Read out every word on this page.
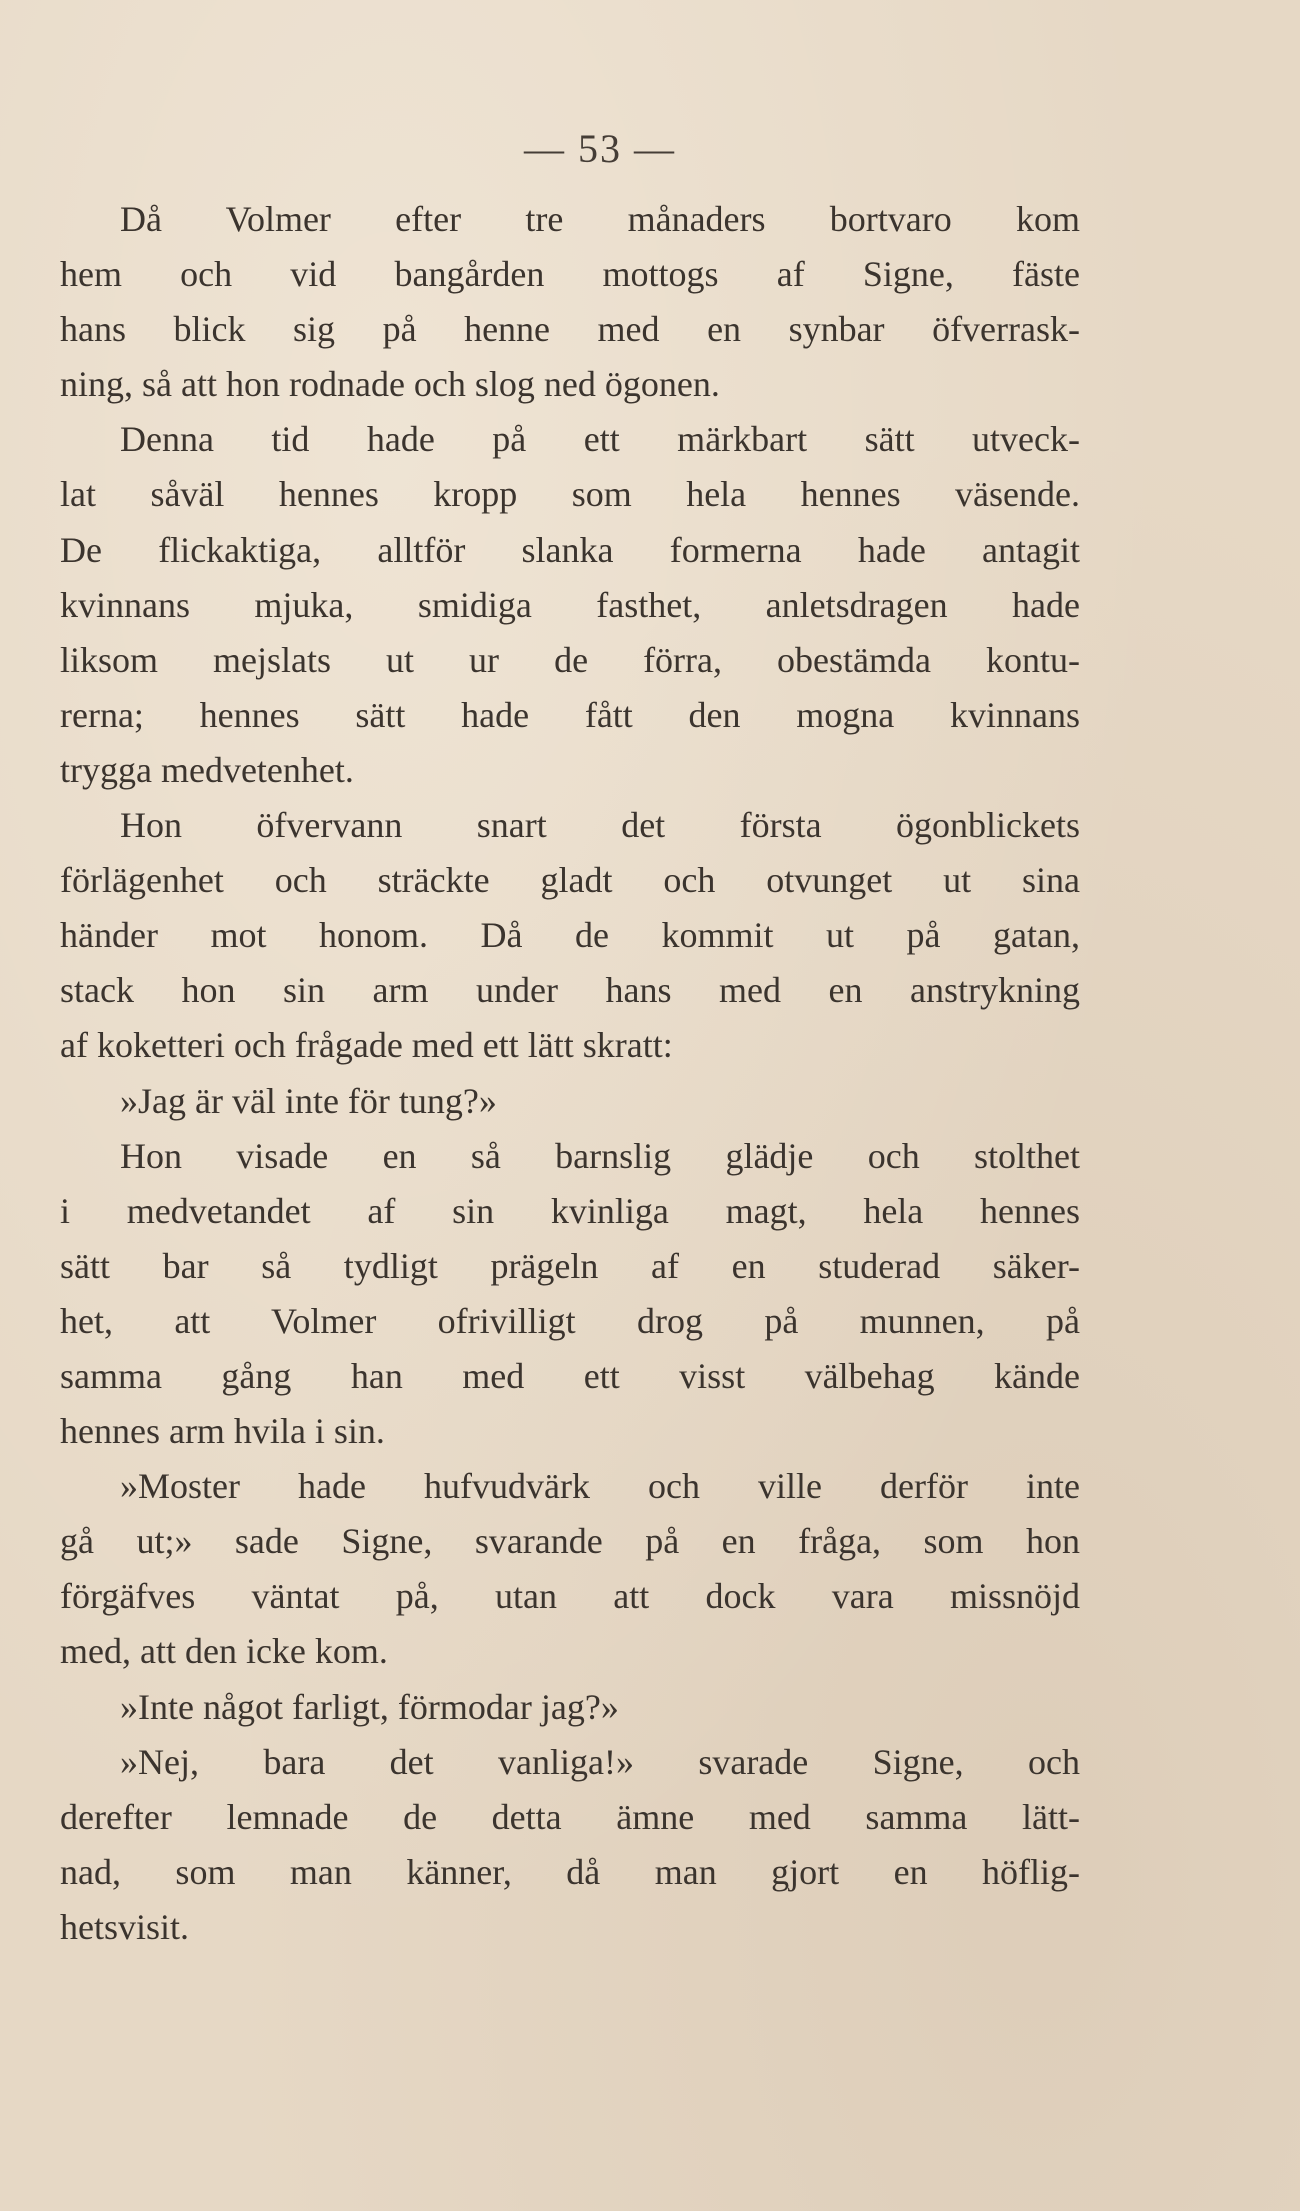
— 53 —
Då Volmer efter tre månaders bortvaro kom
hem och vid bangården mottogs af Signe, fäste
hans blick sig på henne med en synbar öfverrask-
ning, så att hon rodnade och slog ned ögonen.
Denna tid hade på ett märkbart sätt utveck-
lat såväl hennes kropp som hela hennes väsende.
De flickaktiga, alltför slanka formerna hade antagit
kvinnans mjuka, smidiga fasthet, anletsdragen hade
liksom mejslats ut ur de förra, obestämda kontu-
rerna; hennes sätt hade fått den mogna kvinnans
trygga medvetenhet.
Hon öfvervann snart det första ögonblickets
förlägenhet och sträckte gladt och otvunget ut sina
händer mot honom. Då de kommit ut på gatan,
stack hon sin arm under hans med en anstrykning
af koketteri och frågade med ett lätt skratt:
»Jag är väl inte för tung?»
Hon visade en så barnslig glädje och stolthet
i medvetandet af sin kvinliga magt, hela hennes
sätt bar så tydligt prägeln af en studerad säker-
het, att Volmer ofrivilligt drog på munnen, på
samma gång han med ett visst välbehag kände
hennes arm hvila i sin.
»Moster hade hufvudvärk och ville derför inte
gå ut;» sade Signe, svarande på en fråga, som hon
förgäfves väntat på, utan att dock vara missnöjd
med, att den icke kom.
»Inte något farligt, förmodar jag?»
»Nej, bara det vanliga!» svarade Signe, och
derefter lemnade de detta ämne med samma lätt-
nad, som man känner, då man gjort en höflig-
hetsvisit.
